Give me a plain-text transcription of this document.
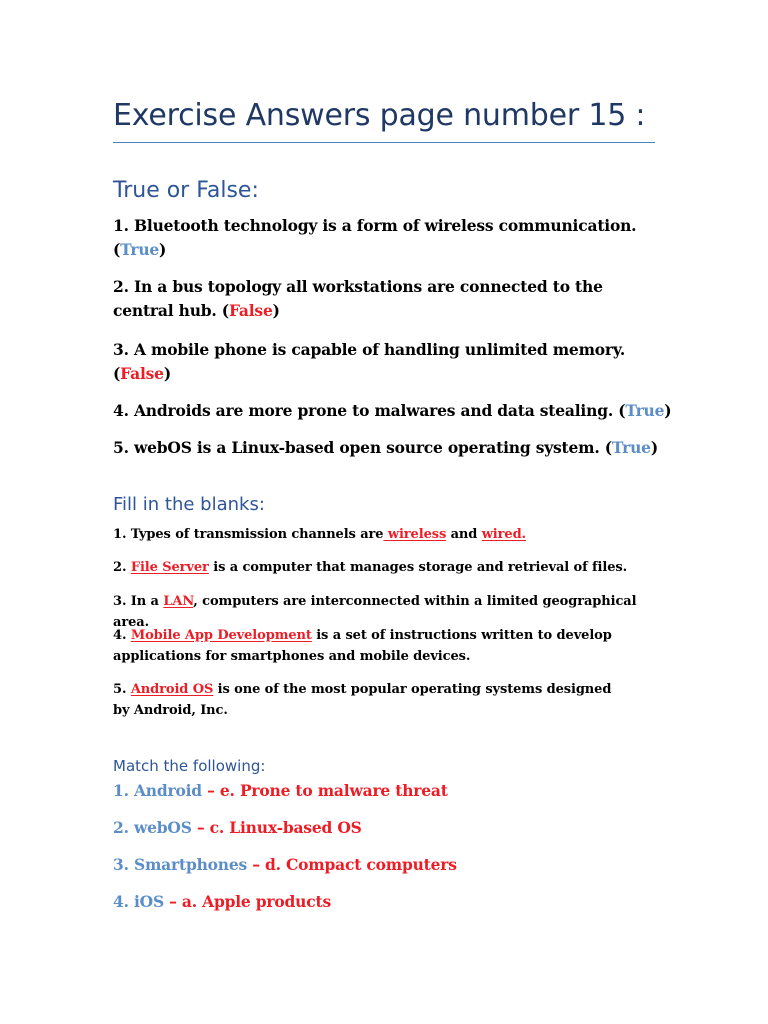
Exercise Answers page number 15 :
True or False:
1. Bluetooth technology is a form of wireless communication. (True)
2. In a bus topology all workstations are connected to the central hub. (False)
3. A mobile phone is capable of handling unlimited memory. (False)
4. Androids are more prone to malwares and data stealing. (True)
5. webOS is a Linux-based open source operating system. (True)
Fill in the blanks:
1. Types of transmission channels are wireless and wired.
2. File Server is a computer that manages storage and retrieval of files.
3. In a LAN, computers are interconnected within a limited geographical area.
4. Mobile App Development is a set of instructions written to develop applications for smartphones and mobile devices.
5. Android OS is one of the most popular operating systems designed by Android, Inc.
Match the following:
1. Android – e. Prone to malware threat
2. webOS – c. Linux-based OS
3. Smartphones – d. Compact computers
4. iOS – a. Apple products
